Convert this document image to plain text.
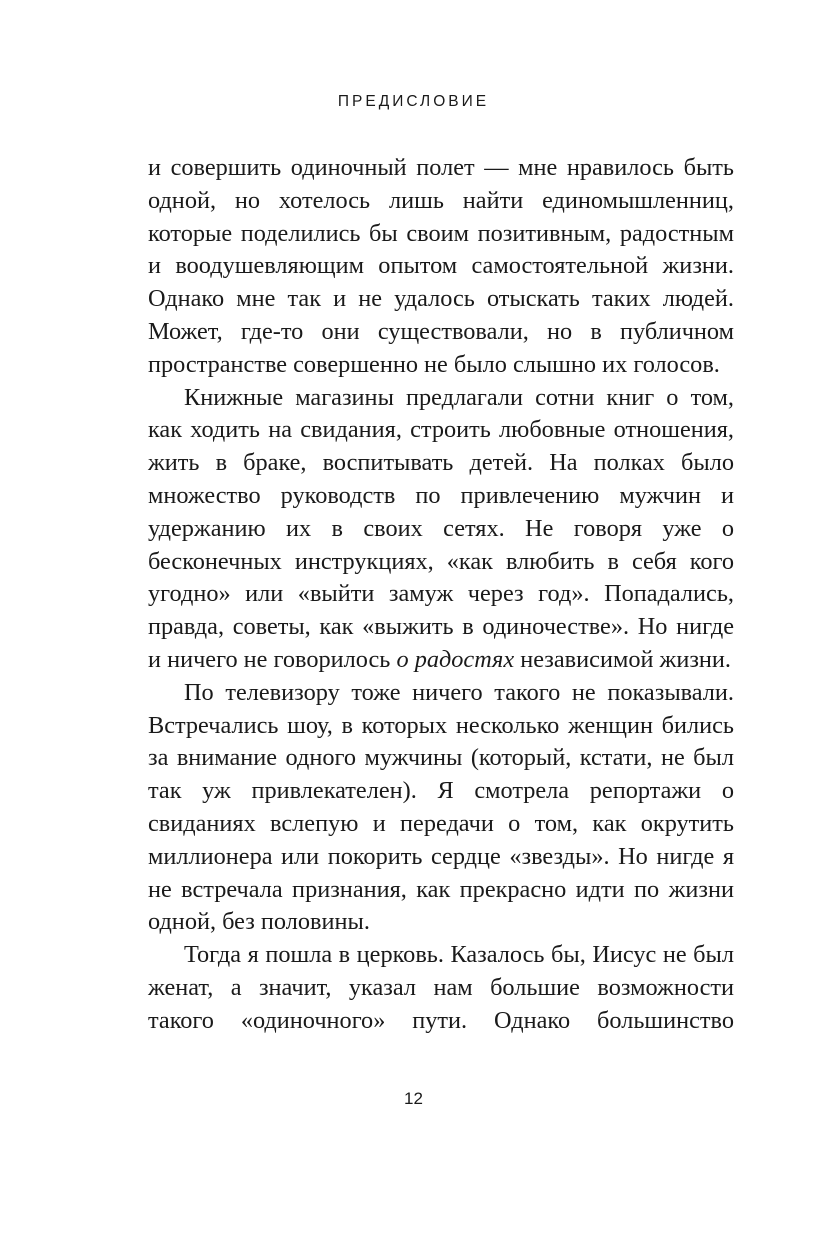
ПРЕДИСЛОВИЕ

и совершить одиночный полет — мне нравилось быть одной, но хотелось лишь найти единомышленниц, которые поделились бы своим позитивным, радостным и воодушевляющим опытом самостоятельной жизни. Однако мне так и не удалось отыскать таких людей. Может, где-то они существовали, но в публичном пространстве совершенно не было слышно их голосов.

Книжные магазины предлагали сотни книг о том, как ходить на свидания, строить любовные отношения, жить в браке, воспитывать детей. На полках было множество руководств по привлечению мужчин и удержанию их в своих сетях. Не говоря уже о бесконечных инструкциях, «как влюбить в себя кого угодно» или «выйти замуж через год». Попадались, правда, советы, как «выжить в одиночестве». Но нигде и ничего не говорилось о радостях независимой жизни.

По телевизору тоже ничего такого не показывали. Встречались шоу, в которых несколько женщин бились за внимание одного мужчины (который, кстати, не был так уж привлекателен). Я смотрела репортажи о свиданиях вслепую и передачи о том, как окрутить миллионера или покорить сердце «звезды». Но нигде я не встречала признания, как прекрасно идти по жизни одной, без половины.

Тогда я пошла в церковь. Казалось бы, Иисус не был женат, а значит, указал нам большие возможности такого «одиночного» пути. Однако большинство

12
